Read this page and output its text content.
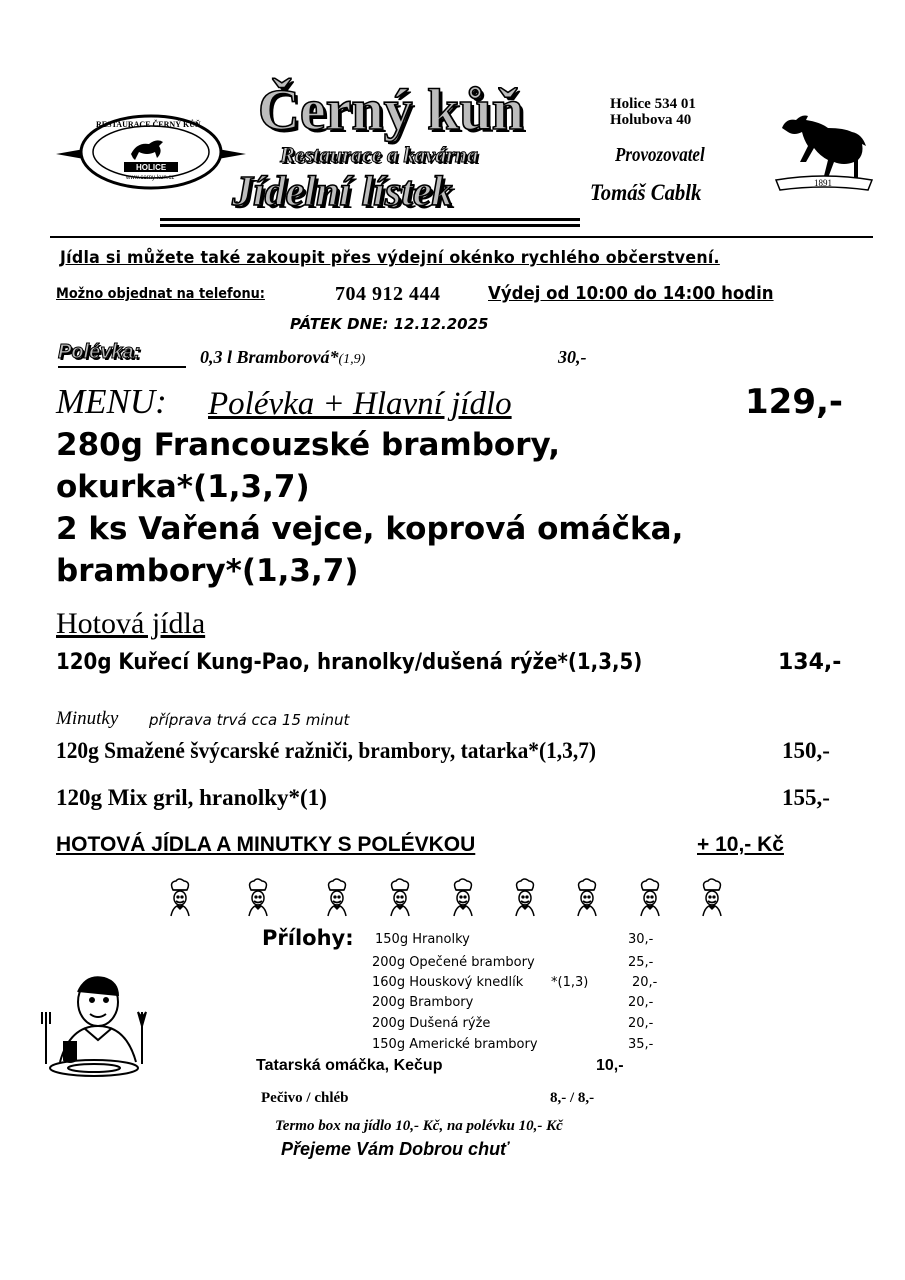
RESTAURACE ČERNÝ KŮŇ
HOLICE
www.cerny-kun.cz
Černý kůň
Restaurace a kavárna
Jídelní lístek
Holice 534 01
Holubova 40
Provozovatel
Tomáš Cablk	1891
Jídla si můžete také zakoupit přes výdejní okénko rychlého občerstvení.
Možno objednat na telefonu:	704 912 444	Výdej od 10:00 do 14:00 hodin
PÁTEK DNE: 12.12.2025
Polévka:	0,3 l Bramborová*(1,9)	30,-
MENU: Polévka + Hlavní jídlo	129,-
280g Francouzské brambory,
okurka*(1,3,7)
2 ks Vařená vejce, koprová omáčka,
brambory*(1,3,7)
Hotová jídla
120g Kuřecí Kung-Pao, hranolky/dušená rýže*(1,3,5)	134,-
Minutky příprava trvá cca 15 minut
120g Smažené švýcarské ražniči, brambory, tatarka*(1,3,7)	150,-
120g Mix gril, hranolky*(1)	155,-
HOTOVÁ JÍDLA A MINUTKY S POLÉVKOU	+ 10,- Kč
Přílohy: 150g Hranolky	30,-
200g Opečené brambory	25,-
160g Houskový knedlík *(1,3)	20,-
200g Brambory	20,-
200g Dušená rýže	20,-
150g Americké brambory	35,-
Tatarská omáčka, Kečup	10,-
Pečivo / chléb	8,- / 8,-
Termo box na jídlo 10,- Kč, na polévku 10,- Kč
Přejeme Vám Dobrou chuť
